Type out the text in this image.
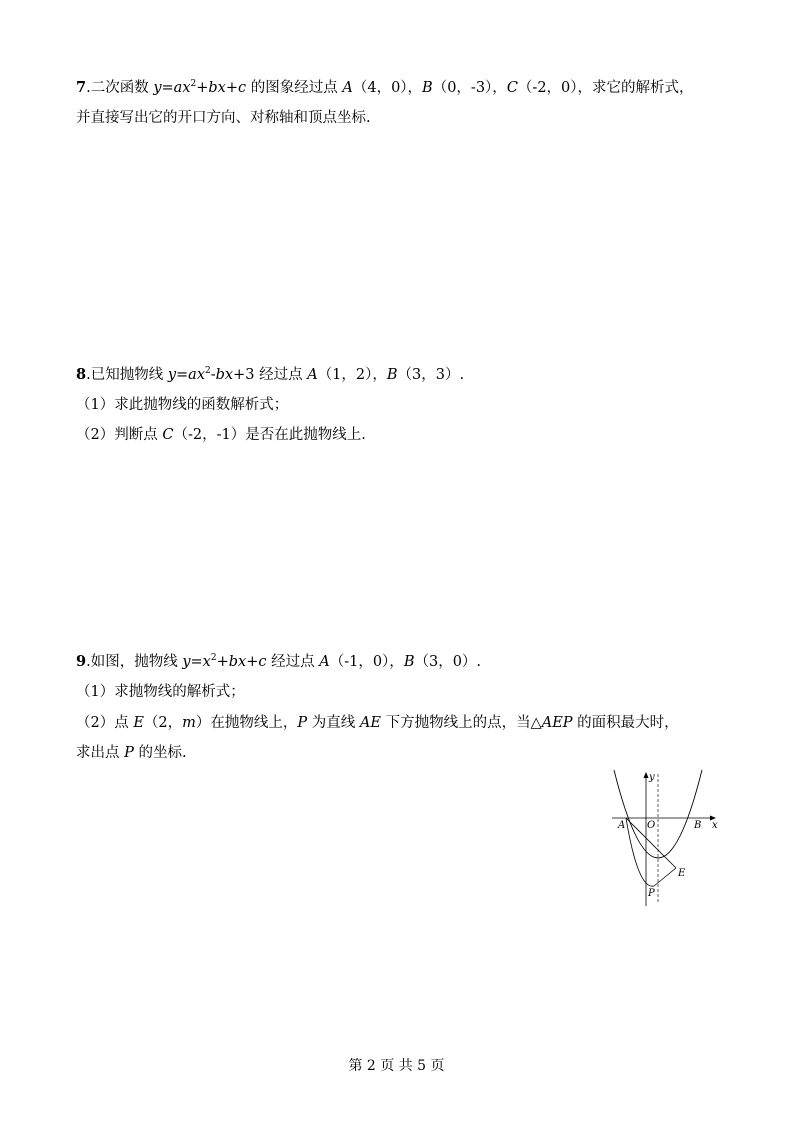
7.二次函数 $y=ax^2+bx+c$ 的图象经过点 A（4，0），B（0，-3），C（-2，0），求它的解析式，
并直接写出它的开口方向、对称轴和顶点坐标.
8.已知抛物线 $y=ax^2-bx+3$ 经过点 A（1，2），B（3，3）.
（1）求此抛物线的函数解析式；
（2）判断点 C（-2，-1）是否在此抛物线上.
9.如图，抛物线 $y=x^2+bx+c$ 经过点 A（-1，0），B（3，0）.
（1）求抛物线的解析式；
（2）点 E（2，m）在抛物线上，P 为直线 AE 下方抛物线上的点，当△AEP 的面积最大时，
求出点 P 的坐标.
y
x
A O	B
E
P
第 2 页 共 5 页
